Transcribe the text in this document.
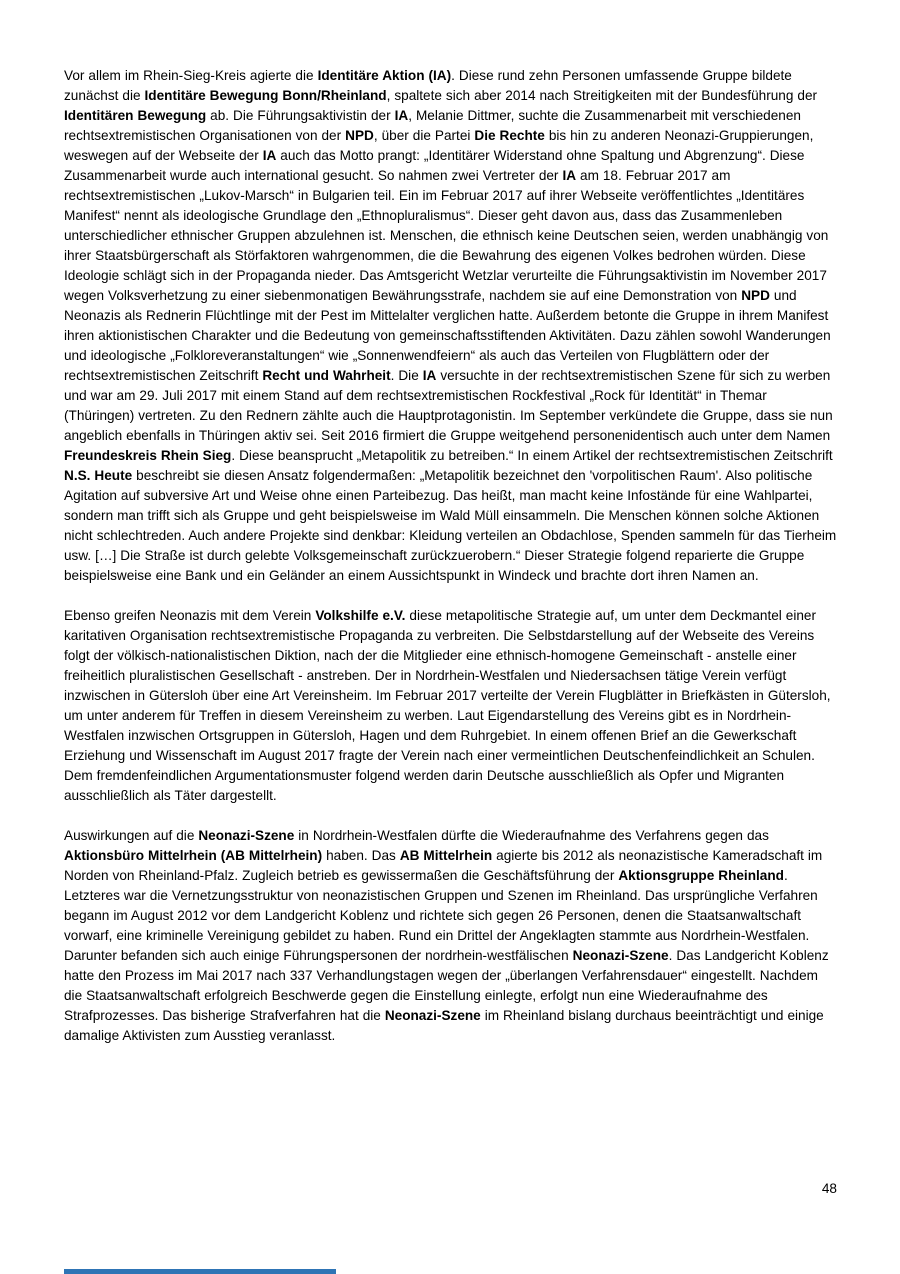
Vor allem im Rhein-Sieg-Kreis agierte die Identitäre Aktion (IA). Diese rund zehn Personen umfassende Gruppe bildete zunächst die Identitäre Bewegung Bonn/Rheinland, spaltete sich aber 2014 nach Streitigkeiten mit der Bundesführung der Identitären Bewegung ab. Die Führungsaktivistin der IA, Melanie Dittmer, suchte die Zusammenarbeit mit verschiedenen rechtsextremistischen Organisationen von der NPD, über die Partei Die Rechte bis hin zu anderen Neonazi-Gruppierungen, weswegen auf der Webseite der IA auch das Motto prangt: „Identitärer Widerstand ohne Spaltung und Abgrenzung“. Diese Zusammenarbeit wurde auch international gesucht. So nahmen zwei Vertreter der IA am 18. Februar 2017 am rechtsextremistischen „Lukov-Marsch“ in Bulgarien teil. Ein im Februar 2017 auf ihrer Webseite veröffentlichtes „Identitäres Manifest“ nennt als ideologische Grundlage den „Ethnopluralismus“. Dieser geht davon aus, dass das Zusammenleben unterschiedlicher ethnischer Gruppen abzulehnen ist. Menschen, die ethnisch keine Deutschen seien, werden unabhängig von ihrer Staatsbürgerschaft als Störfaktoren wahrgenommen, die die Bewahrung des eigenen Volkes bedrohen würden. Diese Ideologie schlägt sich in der Propaganda nieder. Das Amtsgericht Wetzlar verurteilte die Führungsaktivistin im November 2017 wegen Volksverhetzung zu einer siebenmonatigen Bewährungsstrafe, nachdem sie auf eine Demonstration von NPD und Neonazis als Rednerin Flüchtlinge mit der Pest im Mittelalter verglichen hatte. Außerdem betonte die Gruppe in ihrem Manifest ihren aktionistischen Charakter und die Bedeutung von gemeinschaftsstiftenden Aktivitäten. Dazu zählen sowohl Wanderungen und ideologische „Folkloreveranstaltungen“ wie „Sonnenwendfeiern“ als auch das Verteilen von Flugblättern oder der rechtsextremistischen Zeitschrift Recht und Wahrheit. Die IA versuchte in der rechtsextremistischen Szene für sich zu werben und war am 29. Juli 2017 mit einem Stand auf dem rechtsextremistischen Rockfestival „Rock für Identität“ in Themar (Thüringen) vertreten. Zu den Rednern zählte auch die Hauptprotagonistin. Im September verkündete die Gruppe, dass sie nun angeblich ebenfalls in Thüringen aktiv sei. Seit 2016 firmiert die Gruppe weitgehend personenidentisch auch unter dem Namen Freundeskreis Rhein Sieg. Diese beansprucht „Metapolitik zu betreiben.“ In einem Artikel der rechtsextremistischen Zeitschrift N.S. Heute beschreibt sie diesen Ansatz folgendermaßen: „Metapolitik bezeichnet den 'vorpolitischen Raum'. Also politische Agitation auf subversive Art und Weise ohne einen Parteibezug. Das heißt, man macht keine Infostände für eine Wahlpartei, sondern man trifft sich als Gruppe und geht beispielsweise im Wald Müll einsammeln. Die Menschen können solche Aktionen nicht schlechtreden. Auch andere Projekte sind denkbar: Kleidung verteilen an Obdachlose, Spenden sammeln für das Tierheim usw. […] Die Straße ist durch gelebte Volksgemeinschaft zurückzuerobern.“ Dieser Strategie folgend reparierte die Gruppe beispielsweise eine Bank und ein Geländer an einem Aussichtspunkt in Windeck und brachte dort ihren Namen an.

Ebenso greifen Neonazis mit dem Verein Volkshilfe e.V. diese metapolitische Strategie auf, um unter dem Deckmantel einer karitativen Organisation rechtsextremistische Propaganda zu verbreiten. Die Selbstdarstellung auf der Webseite des Vereins folgt der völkisch-nationalistischen Diktion, nach der die Mitglieder eine ethnisch-homogene Gemeinschaft - anstelle einer freiheitlich pluralistischen Gesellschaft - anstreben. Der in Nordrhein-Westfalen und Niedersachsen tätige Verein verfügt inzwischen in Gütersloh über eine Art Vereinsheim. Im Februar 2017 verteilte der Verein Flugblätter in Briefkästen in Gütersloh, um unter anderem für Treffen in diesem Vereinsheim zu werben. Laut Eigendarstellung des Vereins gibt es in Nordrhein-Westfalen inzwischen Ortsgruppen in Gütersloh, Hagen und dem Ruhrgebiet. In einem offenen Brief an die Gewerkschaft Erziehung und Wissenschaft im August 2017 fragte der Verein nach einer vermeintlichen Deutschenfeindlichkeit an Schulen. Dem fremdenfeindlichen Argumentationsmuster folgend werden darin Deutsche ausschließlich als Opfer und Migranten ausschließlich als Täter dargestellt.

Auswirkungen auf die Neonazi-Szene in Nordrhein-Westfalen dürfte die Wiederaufnahme des Verfahrens gegen das Aktionsbüro Mittelrhein (AB Mittelrhein) haben. Das AB Mittelrhein agierte bis 2012 als neonazistische Kameradschaft im Norden von Rheinland-Pfalz. Zugleich betrieb es gewissermaßen die Geschäftsführung der Aktionsgruppe Rheinland. Letzteres war die Vernetzungsstruktur von neonazistischen Gruppen und Szenen im Rheinland. Das ursprüngliche Verfahren begann im August 2012 vor dem Landgericht Koblenz und richtete sich gegen 26 Personen, denen die Staatsanwaltschaft vorwarf, eine kriminelle Vereinigung gebildet zu haben. Rund ein Drittel der Angeklagten stammte aus Nordrhein-Westfalen. Darunter befanden sich auch einige Führungspersonen der nordrhein-westfälischen Neonazi-Szene. Das Landgericht Koblenz hatte den Prozess im Mai 2017 nach 337 Verhandlungstagen wegen der „überlangen Verfahrensdauer“ eingestellt. Nachdem die Staatsanwaltschaft erfolgreich Beschwerde gegen die Einstellung einlegte, erfolgt nun eine Wiederaufnahme des Strafprozesses. Das bisherige Strafverfahren hat die Neonazi-Szene im Rheinland bislang durchaus beeinträchtigt und einige damalige Aktivisten zum Ausstieg veranlasst.

48
